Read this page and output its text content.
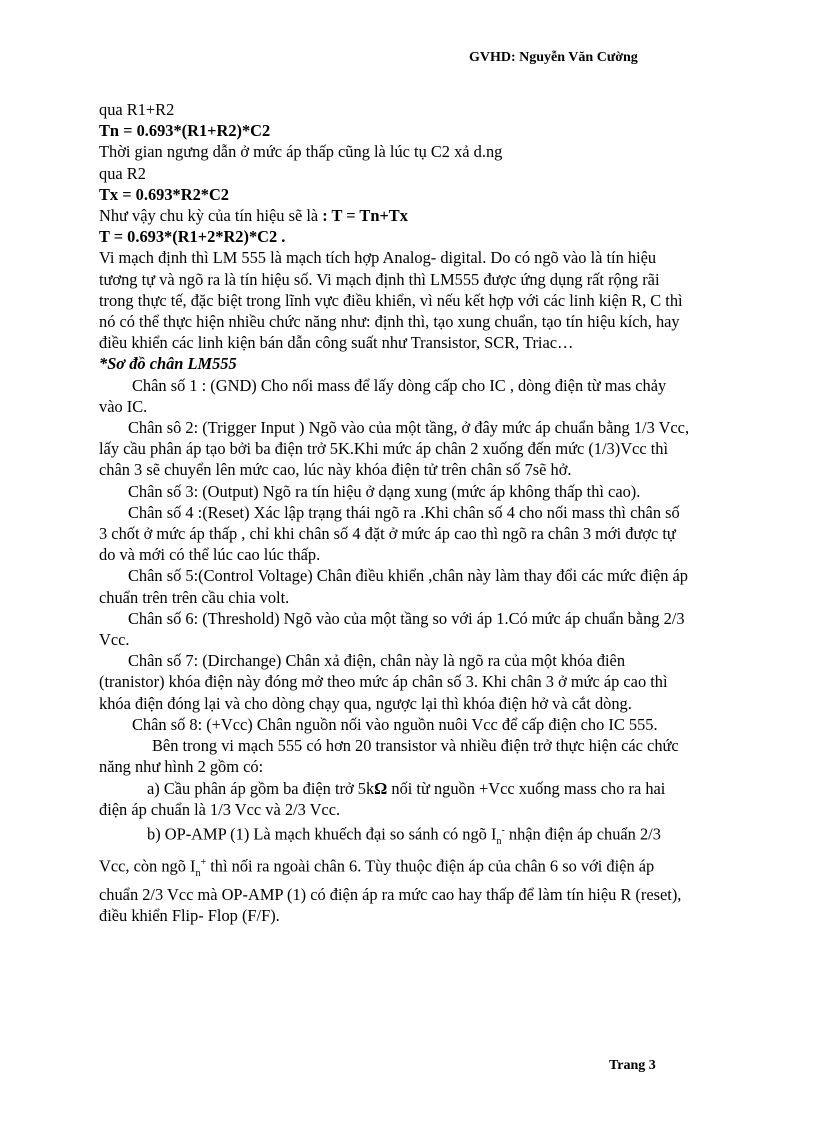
GVHD: Nguyễn Văn Cường

qua R1+R2

Tn = 0.693*(R1+R2)*C2

Thời gian ngưng dẫn ở mức áp thấp cũng là lúc tụ C2 xả d.ng

qua R2

Tx = 0.693*R2*C2

Như vậy chu kỳ của tín hiệu sẽ là : T = Tn+Tx

T = 0.693*(R1+2*R2)*C2 .

Vi mạch định thì LM 555 là mạch tích hợp Analog- digital. Do có ngõ vào là tín hiệu tương tự và ngõ ra là tín hiệu số. Vi mạch định thì LM555 được ứng dụng rất rộng rãi trong thực tế, đặc biệt trong lĩnh vực điều khiển, vì nếu kết hợp với các linh kiện R, C thì nó có thể thực hiện nhiều chức năng như: định thì, tạo xung chuẩn, tạo tín hiệu kích, hay điều khiển các linh kiện bán dẫn công suất như Transistor, SCR, Triac…

*Sơ đồ chân LM555

Chân số 1 : (GND) Cho nối mass để lấy dòng cấp cho IC , dòng điện từ mas chảy vào IC.

Chân sô 2: (Trigger Input ) Ngõ vào của một tầng, ở đây mức áp chuẩn bằng 1/3 Vcc, lấy cầu phân áp tạo bởi ba điện trở 5K.Khi mức áp chân 2 xuống đến mức (1/3)Vcc thì chân 3 sẽ chuyển lên mức cao, lúc này khóa điện tử trên chân số 7sẽ hở.

Chân số 3: (Output) Ngõ ra tín hiệu ở dạng xung (mức áp không thấp thì cao).

Chân số 4 :(Reset) Xác lập trạng thái ngõ ra .Khi chân số 4 cho nối mass thì chân số 3 chốt ở mức áp thấp , chỉ khi chân số 4 đặt ở mức áp cao thì ngõ ra chân 3 mới được tự do và mới có thể lúc cao lúc thấp.

Chân số 5:(Control Voltage) Chân điều khiển ,chân này làm thay đổi các mức điện áp chuẩn trên trên cầu chia volt.

Chân số 6: (Threshold) Ngõ vào của một tầng so với áp 1.Có mức áp chuẩn bằng 2/3 Vcc.

Chân số 7: (Dirchange) Chân xả điện, chân này là ngõ ra của một khóa điên (tranistor) khóa điện này đóng mở theo mức áp chân số 3. Khi chân 3 ở mức áp cao thì khóa điện đóng lại và cho dòng chạy qua, ngược lại thì khóa điện hở và cắt dòng.

Chân số 8: (+Vcc) Chân nguồn nối vào nguồn nuôi Vcc để cấp điện cho IC 555.

Bên trong vi mạch 555 có hơn 20 transistor và nhiều điện trở thực hiện các chức năng như hình 2 gồm có:

a) Cầu phân áp gồm ba điện trở 5kΩ nối từ nguồn +Vcc xuống mass cho ra hai điện áp chuẩn là 1/3 Vcc và 2/3 Vcc.

b) OP-AMP (1) Là mạch khuếch đại so sánh có ngõ $I_n^-$ nhận điện áp chuẩn 2/3 Vcc, còn ngõ $I_n^+$ thì nối ra ngoài chân 6. Tùy thuộc điện áp của chân 6 so với điện áp chuẩn 2/3 Vcc mà OP-AMP (1) có điện áp ra mức cao hay thấp để làm tín hiệu R (reset), điều khiển Flip- Flop (F/F).

Trang 3
